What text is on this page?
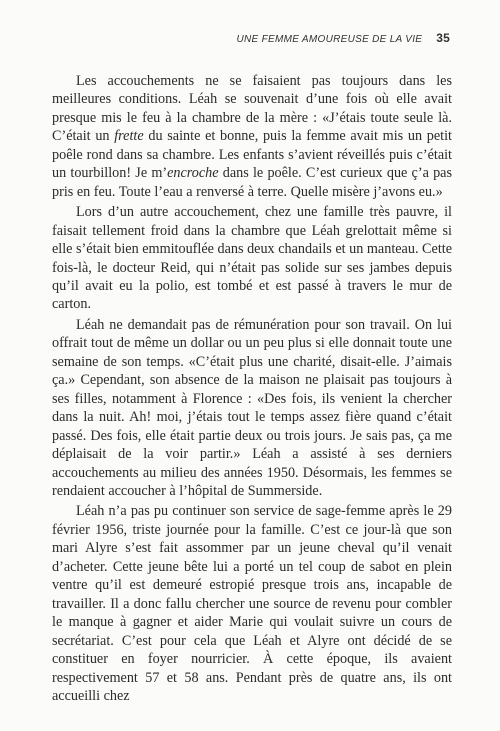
UNE FEMME AMOUREUSE DE LA VIE 35

Les accouchements ne se faisaient pas toujours dans les meilleures conditions. Léah se souvenait d’une fois où elle avait presque mis le feu à la chambre de la mère : «J’étais toute seule là. C’était un frette du sainte et bonne, puis la femme avait mis un petit poêle rond dans sa chambre. Les enfants s’avient réveillés puis c’était un tourbillon! Je m’encroche dans le poêle. C’est curieux que ç’a pas pris en feu. Toute l’eau a renversé à terre. Quelle misère j’avons eu.»

Lors d’un autre accouchement, chez une famille très pauvre, il faisait tellement froid dans la chambre que Léah grelottait même si elle s’était bien emmitouflée dans deux chandails et un manteau. Cette fois-là, le docteur Reid, qui n’était pas solide sur ses jambes depuis qu’il avait eu la polio, est tombé et est passé à travers le mur de carton.

Léah ne demandait pas de rémunération pour son travail. On lui offrait tout de même un dollar ou un peu plus si elle donnait toute une semaine de son temps. «C’était plus une charité, disait-elle. J’aimais ça.» Cependant, son absence de la maison ne plaisait pas toujours à ses filles, notamment à Florence : «Des fois, ils venient la chercher dans la nuit. Ah! moi, j’étais tout le temps assez fière quand c’était passé. Des fois, elle était partie deux ou trois jours. Je sais pas, ça me déplaisait de la voir partir.» Léah a assisté à ses derniers accouchements au milieu des années 1950. Désormais, les femmes se rendaient accoucher à l’hôpital de Summerside.

Léah n’a pas pu continuer son service de sage-femme après le 29 février 1956, triste journée pour la famille. C’est ce jour-là que son mari Alyre s’est fait assommer par un jeune cheval qu’il venait d’acheter. Cette jeune bête lui a porté un tel coup de sabot en plein ventre qu’il est demeuré estropié presque trois ans, incapable de travailler. Il a donc fallu chercher une source de revenu pour combler le manque à gagner et aider Marie qui voulait suivre un cours de secrétariat. C’est pour cela que Léah et Alyre ont décidé de se constituer en foyer nourricier. À cette époque, ils avaient respectivement 57 et 58 ans. Pendant près de quatre ans, ils ont accueilli chez
